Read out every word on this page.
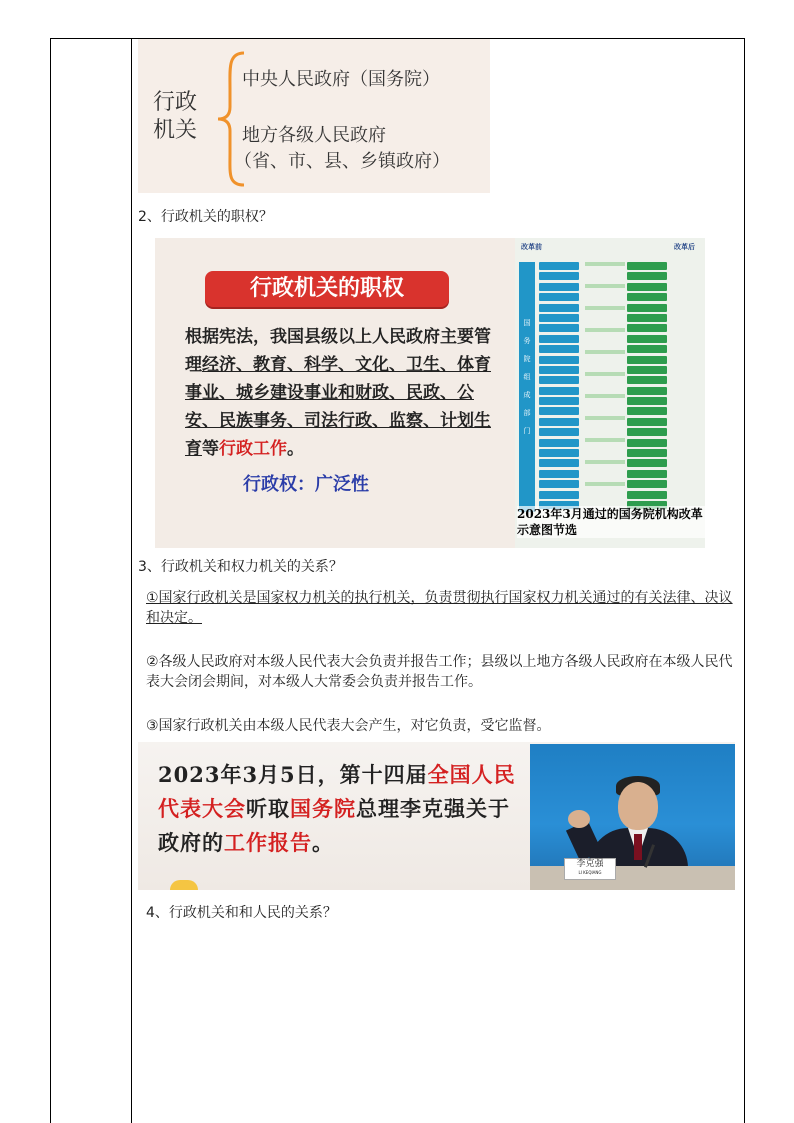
行政机关
中央人民政府（国务院）
地方各级人民政府
（省、市、县、乡镇政府）
2、行政机关的职权？
行政机关的职权
根据宪法，我国县级以上人民政府主要管理经济、教育、科学、文化、卫生、体育事业、城乡建设事业和财政、民政、公安、民族事务、司法行政、监察、计划生育等行政工作。
行政权：广泛性
改革前	改革后
国
务
院
组
成
部
门
2023年3月通过的国务院机构改革示意图节选
3、行政机关和权力机关的关系？
①国家行政机关是国家权力机关的执行机关，负责贯彻执行国家权力机关通过的有关法律、决议和决定。
②各级人民政府对本级人民代表大会负责并报告工作；县级以上地方各级人民政府在本级人民代表大会闭会期间，对本级人大常委会负责并报告工作。
③国家行政机关由本级人民代表大会产生，对它负责，受它监督。
2023年3月5日，第十四届全国人民代表大会听取国务院总理李克强关于政府的工作报告。
李克强
LI KEQIANG
4、行政机关和和人民的关系？
